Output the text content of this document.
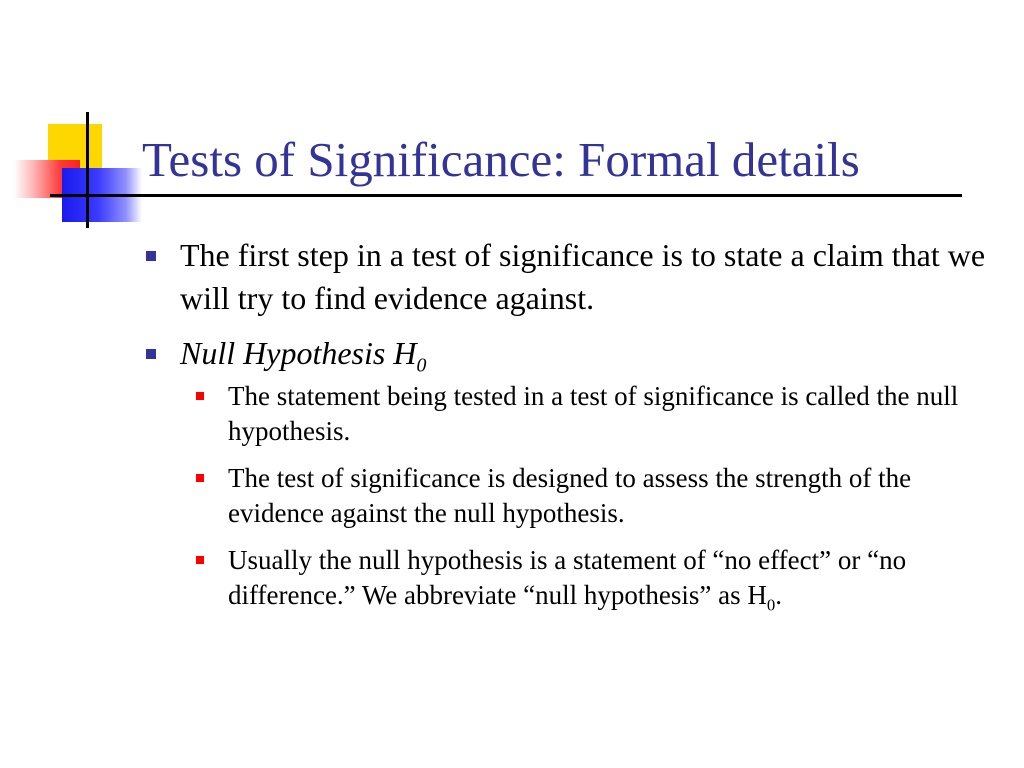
Tests of Significance: Formal details
The first step in a test of significance is to state a claim that we will try to find evidence against.
Null Hypothesis $H_0$
The statement being tested in a test of significance is called the null hypothesis.
The test of significance is designed to assess the strength of the evidence against the null hypothesis.
Usually the null hypothesis is a statement of “no effect” or “no difference.” We abbreviate “null hypothesis” as $H_0$.
